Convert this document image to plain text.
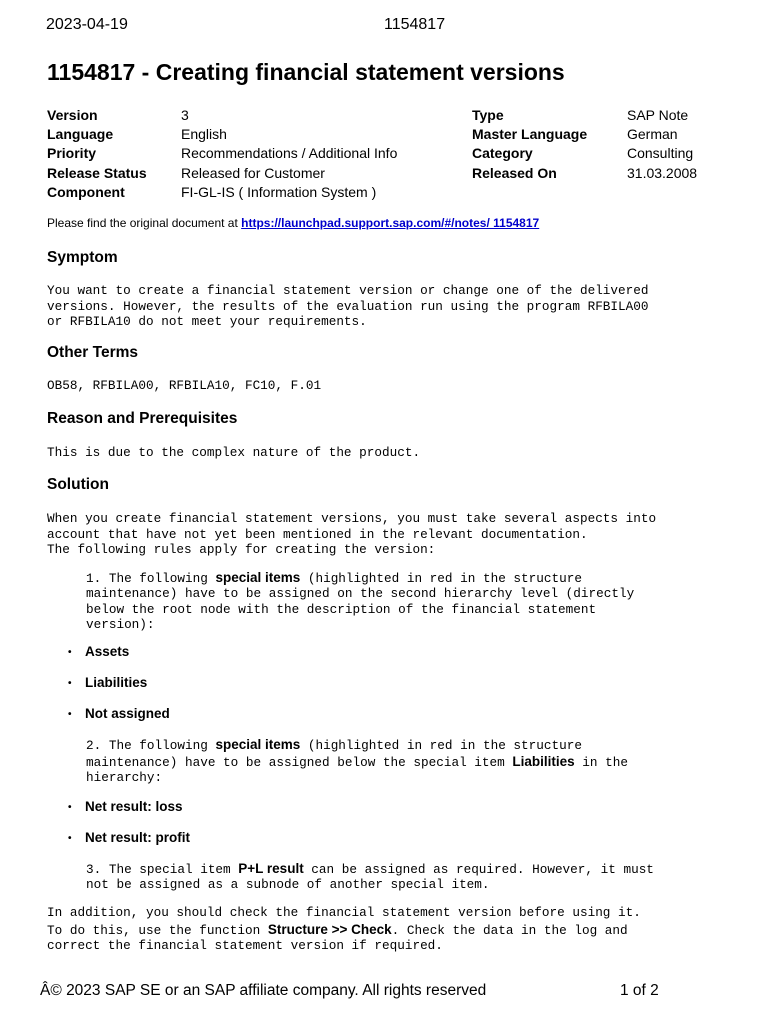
2023-04-19	1154817
1154817 - Creating financial statement versions
Version
Language
Priority
Release Status
Component
3
English
Recommendations / Additional Info
Released for Customer
FI-GL-IS ( Information System )
Type
Master Language
Category
Released On
SAP Note
German
Consulting
31.03.2008
Please find the original document at https://launchpad.support.sap.com/#/notes/ 1154817
Symptom
You want to create a financial statement version or change one of the delivered
versions. However, the results of the evaluation run using the program RFBILA00
or RFBILA10 do not meet your requirements.
Other Terms
OB58, RFBILA00, RFBILA10, FC10, F.01
Reason and Prerequisites
This is due to the complex nature of the product.
Solution
When you create financial statement versions, you must take several aspects into
account that have not yet been mentioned in the relevant documentation.
The following rules apply for creating the version:
1. The following special items (highlighted in red in the structure
maintenance) have to be assigned on the second hierarchy level (directly
below the root node with the description of the financial statement
version):
• Assets
• Liabilities
• Not assigned
2. The following special items (highlighted in red in the structure
maintenance) have to be assigned below the special item Liabilities in the
hierarchy:
• Net result: loss
• Net result: profit
3. The special item P+L result can be assigned as required. However, it must
not be assigned as a subnode of another special item.
In addition, you should check the financial statement version before using it.
To do this, use the function Structure >> Check. Check the data in the log and
correct the financial statement version if required.
Â© 2023 SAP SE or an SAP affiliate company. All rights reserved	1 of 2
